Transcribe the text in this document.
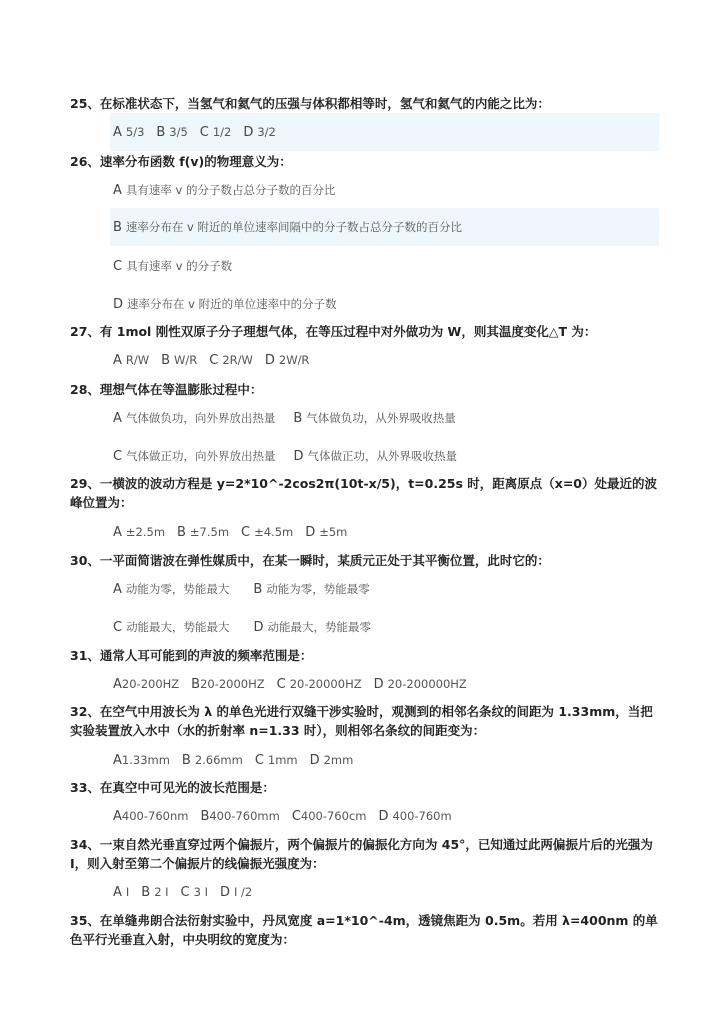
25、在标准状态下，当氢气和氦气的压强与体积都相等时，氢气和氦气的内能之比为：
A 5/3 B 3/5 C 1/2 D 3/2
26、速率分布函数 f(v)的物理意义为：
A 具有速率 v 的分子数占总分子数的百分比
B 速率分布在 v 附近的单位速率间隔中的分子数占总分子数的百分比
C 具有速率 v 的分子数
D 速率分布在 v 附近的单位速率中的分子数
27、有 1mol 刚性双原子分子理想气体，在等压过程中对外做功为 W，则其温度变化△T 为：
A R/W B W/R C 2R/W D 2W/R
28、理想气体在等温膨胀过程中：
A 气体做负功，向外界放出热量 B 气体做负功，从外界吸收热量
C 气体做正功，向外界放出热量 D 气体做正功，从外界吸收热量
29、一横波的波动方程是 y=2*10^-2cos2π(10t-x/5)，t=0.25s 时，距离原点（x=0）处最近的波峰位置为：
A ±2.5m B ±7.5m C ±4.5m D ±5m
30、一平面简谐波在弹性媒质中，在某一瞬时，某质元正处于其平衡位置，此时它的：
A 动能为零，势能最大 B 动能为零，势能最零
C 动能最大，势能最大 D 动能最大，势能最零
31、通常人耳可能到的声波的频率范围是：
A20-200HZ B20-2000HZ C 20-20000HZ D 20-200000HZ
32、在空气中用波长为 λ 的单色光进行双缝干涉实验时，观测到的相邻名条纹的间距为 1.33mm，当把实验装置放入水中（水的折射率 n=1.33 时），则相邻名条纹的间距变为：
A1.33mm B 2.66mm C 1mm D 2mm
33、在真空中可见光的波长范围是：
A400-760nm B400-760mm C400-760cm D 400-760m
34、一束自然光垂直穿过两个偏振片，两个偏振片的偏振化方向为 45°，已知通过此两偏振片后的光强为 I，则入射至第二个偏振片的线偏振光强度为：
A I B 2 I C 3 I D I /2
35、在单缝弗朗合法衍射实验中，丹凤宽度 a=1*10^-4m，透镜焦距为 0.5m。若用 λ=400nm 的单色平行光垂直入射，中央明纹的宽度为：
